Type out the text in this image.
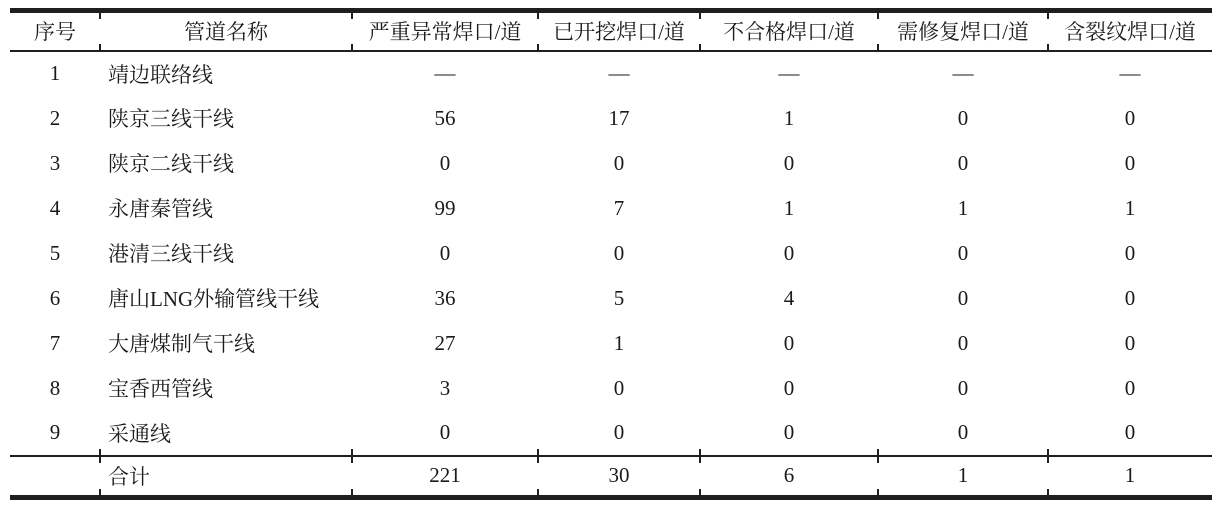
序号	管道名称	严重异常焊口/道	已开挖焊口/道	不合格焊口/道	需修复焊口/道	含裂纹焊口/道
1	靖边联络线	—	—	—	—	—
2	陕京三线干线	56	17	1	0	0
3	陕京二线干线	0	0	0	0	0
4	永唐秦管线	99	7	1	1	1
5	港清三线干线	0	0	0	0	0
6	唐山LNG外输管线干线	36	5	4	0	0
7	大唐煤制气干线	27	1	0	0	0
8	宝香西管线	3	0	0	0	0
9	采通线	0	0	0	0	0
	合计	221	30	6	1	1
